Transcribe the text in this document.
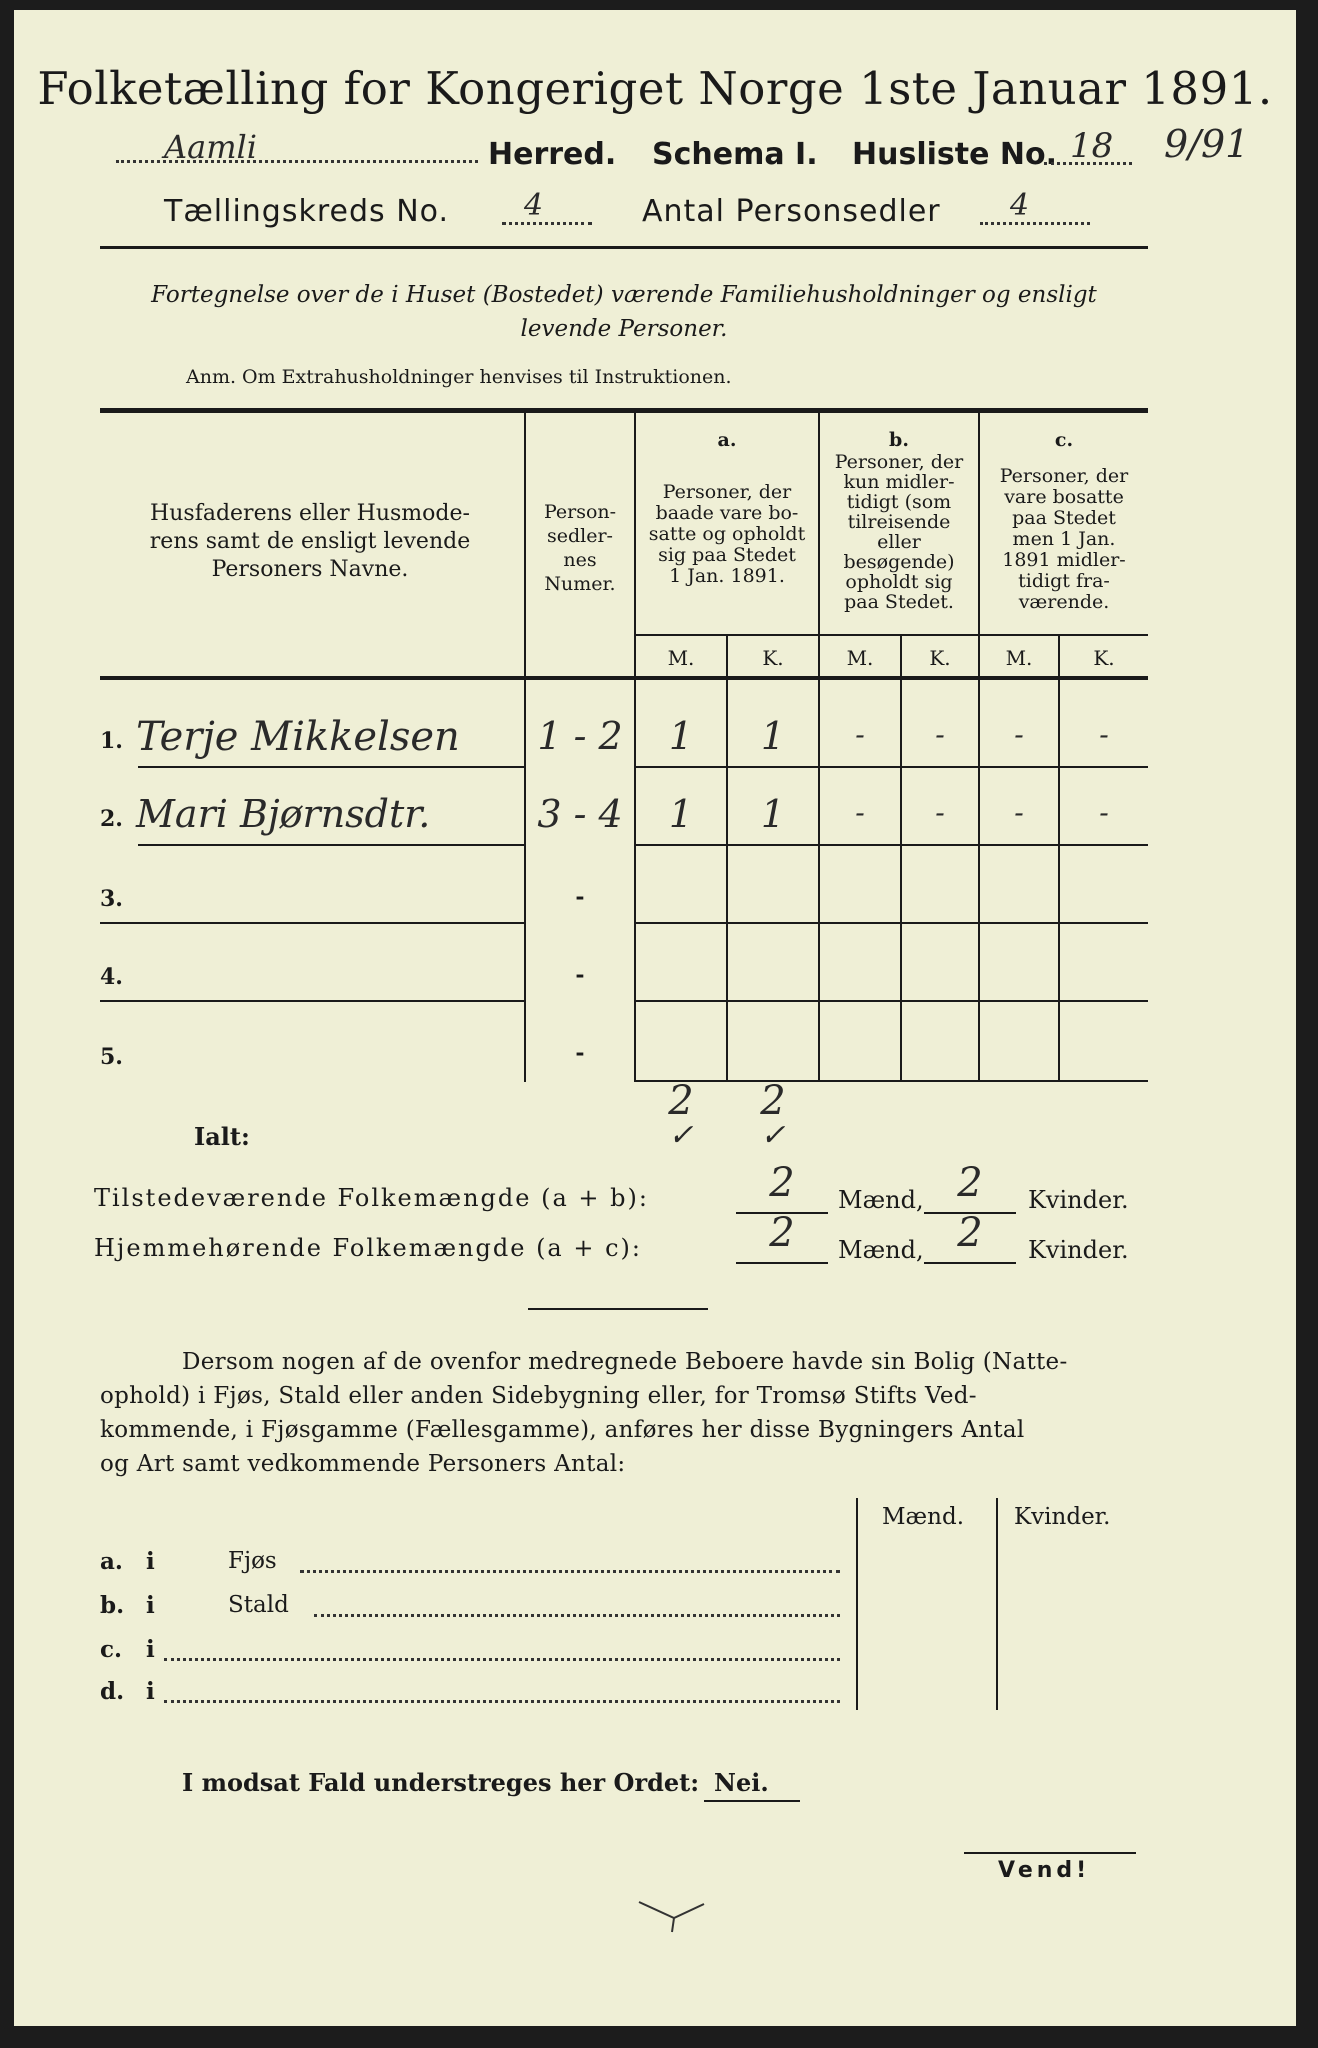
Folketælling for Kongeriget Norge 1ste Januar 1891.
Aamli	Herred. Schema I. Husliste No. 18 9/91
Tællingskreds No.	4	Antal Personsedler 4
Fortegnelse over de i Huset (Bostedet) værende Familiehusholdninger og ensligt
levende Personer.
Anm. Om Extrahusholdninger henvises til Instruktionen.
Husfaderens eller Husmode-
rens samt de ensligt levende
Personers Navne.
Person-
sedler-
nes
Numer.
a.
Personer, der
baade vare bo-
satte og opholdt
sig paa Stedet
1 Jan. 1891.
b.
Personer, der
kun midler-
tidigt (som
tilreisende
eller
besøgende)
opholdt sig
paa Stedet.
c.
Personer, der
vare bosatte
paa Stedet
men 1 Jan.
1891 midler-
tidigt fra-
værende.
M.	K.	M.	K.	M.	K.
1. Terje Mikkelsen 1 - 2	1	1	-	-	-	-
2. Mari Bjørnsdtr.	3 - 4	1	1	-	-	-	-
3.	-
4.	-
5.	-
Ialt:
2	2
✓	✓
Tilstedeværende Folkemængde (a + b):	2	Mænd, 2	Kvinder.
Hjemmehørende Folkemængde (a + c):	2	Mænd, 2	Kvinder.
Dersom nogen af de ovenfor medregnede Beboere havde sin Bolig (Natte-
ophold) i Fjøs, Stald eller anden Sidebygning eller, for Tromsø Stifts Ved-
kommende, i Fjøsgamme (Fællesgamme), anføres her disse Bygningers Antal
og Art samt vedkommende Personers Antal:
Mænd. Kvinder.
a. i	Fjøs
b. i	Stald
c. i
d. i
I modsat Fald understreges her Ordet: Nei.
Vend!
